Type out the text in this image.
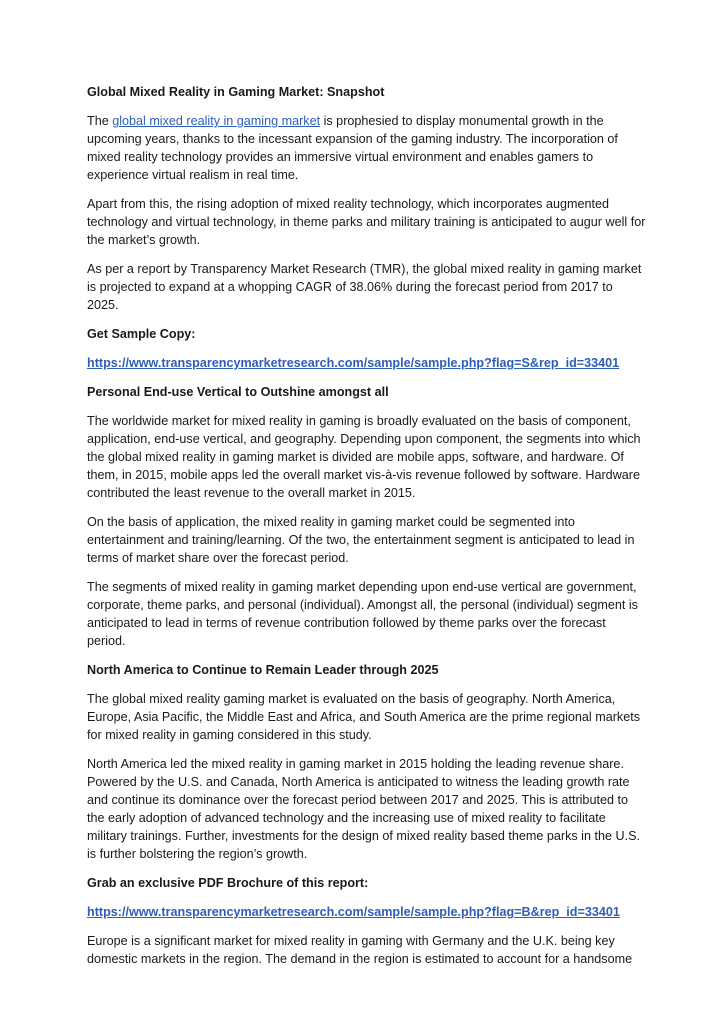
Global Mixed Reality in Gaming Market: Snapshot
The global mixed reality in gaming market is prophesied to display monumental growth in the upcoming years, thanks to the incessant expansion of the gaming industry. The incorporation of mixed reality technology provides an immersive virtual environment and enables gamers to experience virtual realism in real time.
Apart from this, the rising adoption of mixed reality technology, which incorporates augmented technology and virtual technology, in theme parks and military training is anticipated to augur well for the market’s growth.
As per a report by Transparency Market Research (TMR), the global mixed reality in gaming market is projected to expand at a whopping CAGR of 38.06% during the forecast period from 2017 to 2025.
Get Sample Copy:
https://www.transparencymarketresearch.com/sample/sample.php?flag=S&rep_id=33401
Personal End-use Vertical to Outshine amongst all
The worldwide market for mixed reality in gaming is broadly evaluated on the basis of component, application, end-use vertical, and geography. Depending upon component, the segments into which the global mixed reality in gaming market is divided are mobile apps, software, and hardware. Of them, in 2015, mobile apps led the overall market vis-à-vis revenue followed by software. Hardware contributed the least revenue to the overall market in 2015.
On the basis of application, the mixed reality in gaming market could be segmented into entertainment and training/learning. Of the two, the entertainment segment is anticipated to lead in terms of market share over the forecast period.
The segments of mixed reality in gaming market depending upon end-use vertical are government, corporate, theme parks, and personal (individual). Amongst all, the personal (individual) segment is anticipated to lead in terms of revenue contribution followed by theme parks over the forecast period.
North America to Continue to Remain Leader through 2025
The global mixed reality gaming market is evaluated on the basis of geography. North America, Europe, Asia Pacific, the Middle East and Africa, and South America are the prime regional markets for mixed reality in gaming considered in this study.
North America led the mixed reality in gaming market in 2015 holding the leading revenue share. Powered by the U.S. and Canada, North America is anticipated to witness the leading growth rate and continue its dominance over the forecast period between 2017 and 2025. This is attributed to the early adoption of advanced technology and the increasing use of mixed reality to facilitate military trainings. Further, investments for the design of mixed reality based theme parks in the U.S. is further bolstering the region’s growth.
Grab an exclusive PDF Brochure of this report:
https://www.transparencymarketresearch.com/sample/sample.php?flag=B&rep_id=33401
Europe is a significant market for mixed reality in gaming with Germany and the U.K. being key domestic markets in the region. The demand in the region is estimated to account for a handsome
